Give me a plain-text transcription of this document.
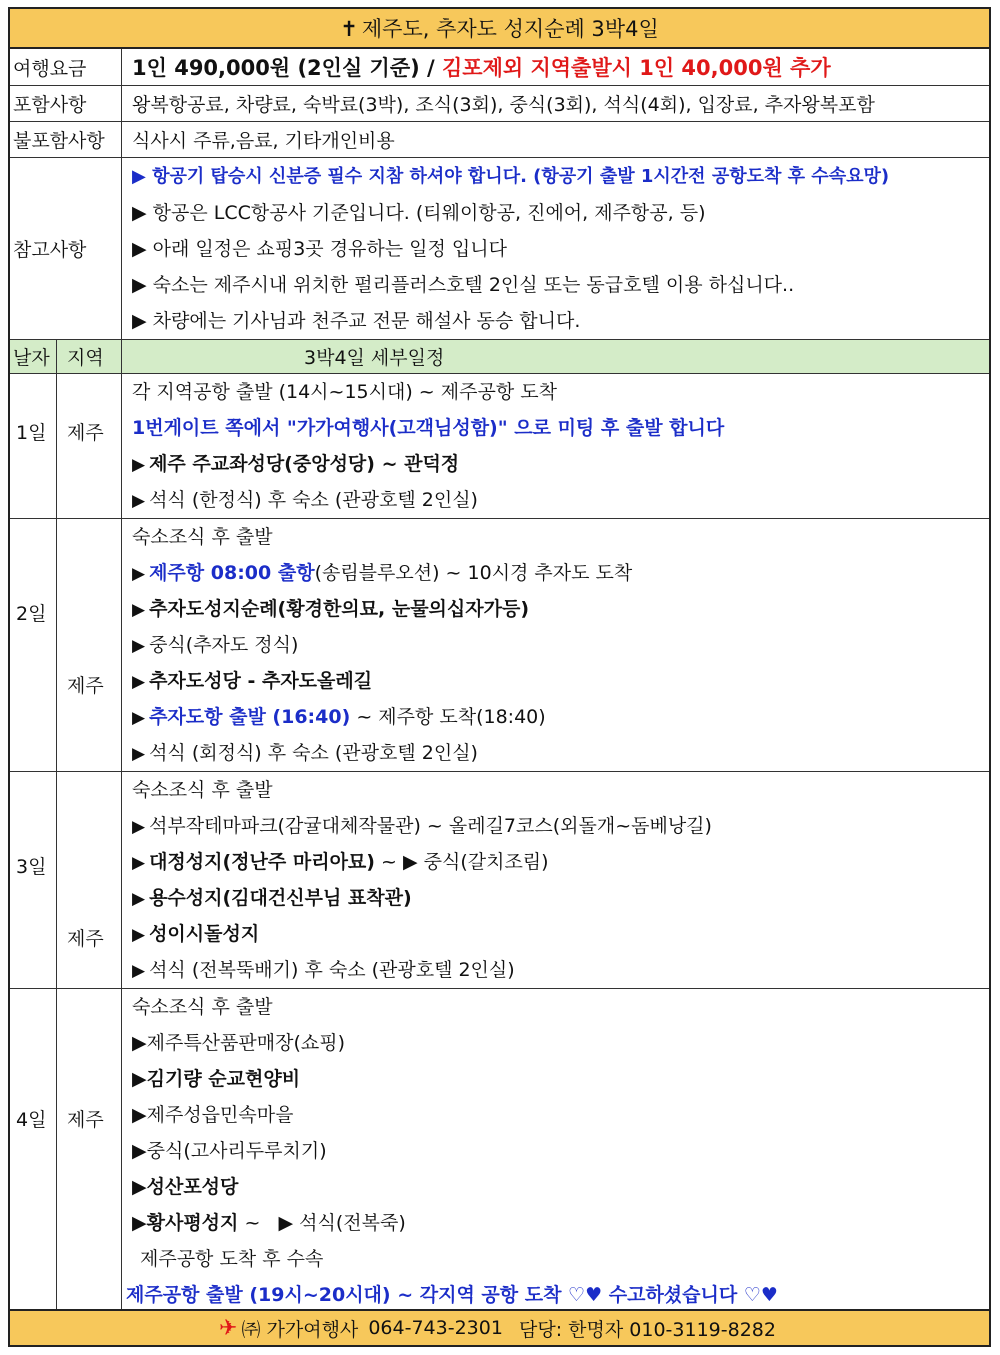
✝ 제주도, 추자도 성지순례 3박4일
여행요금	1인 490,000원 (2인실 기준) /
김포제외 지역출발시 1인 40,000원 추가
포함사항	왕복항공료, 차량료, 숙박료(3박), 조식(3회), 중식(3회), 석식(4회), 입장료, 추자왕복포함
불포함사항	식사시 주류,음료, 기타개인비용
참고사항
▶ 항공기 탑승시 신분증 필수 지참 하셔야 합니다. (항공기 출발 1시간전 공항도착 후 수속요망)
▶ 항공은 LCC항공사 기준입니다. (티웨이항공, 진에어, 제주항공, 등)
▶ 아래 일정은 쇼핑3곳 경유하는 일정 입니다
▶ 숙소는 제주시내 위치한 펄리플러스호텔 2인실 또는 동급호텔 이용 하십니다..
▶ 차량에는 기사님과 천주교 전문 해설사 동승 합니다.
날자 지역	3박4일 세부일정
1일 제주
각 지역공항 출발 (14시~15시대) ~ 제주공항 도착
1번게이트 쪽에서 "가가여행사(고객님성함)" 으로 미팅 후 출발 합니다
▶ 제주 주교좌성당(중앙성당) ~ 관덕정
▶ 석식 (한정식) 후 숙소 (관광호텔 2인실)
2일
제주
숙소조식 후 출발
▶ 제주항 08:00 출항(송림블루오션) ~ 10시경 추자도 도착
▶ 추자도성지순례(황경한의묘, 눈물의십자가등)
▶ 중식(추자도 정식)
▶ 추자도성당 - 추자도올레길
▶ 추자도항 출발 (16:40) ~ 제주항 도착(18:40)
▶ 석식 (회정식) 후 숙소 (관광호텔 2인실)
3일
제주
숙소조식 후 출발
▶ 석부작테마파크(감귤대체작물관) ~ 올레길7코스(외돌개~돔베낭길)
▶ 대정성지(정난주 마리아묘) ~ ▶ 중식(갈치조림)
▶ 용수성지(김대건신부님 표착관)
▶ 성이시돌성지
▶ 석식 (전복뚝배기) 후 숙소 (관광호텔 2인실)
4일 제주
숙소조식 후 출발
▶제주특산품판매장(쇼핑)
▶김기량 순교현양비
▶제주성읍민속마을
▶중식(고사리두루치기)
▶성산포성당
▶황사평성지 ~   ▶ 석식(전복죽)
제주공항 도착 후 수속
제주공항 출발 (19시~20시대) ~ 각지역 공항 도착 ♡♥ 수고하셨습니다 ♡♥
✈ ㈜ 가가여행사
064-743-2301
담당: 한명자 010-3119-8282
